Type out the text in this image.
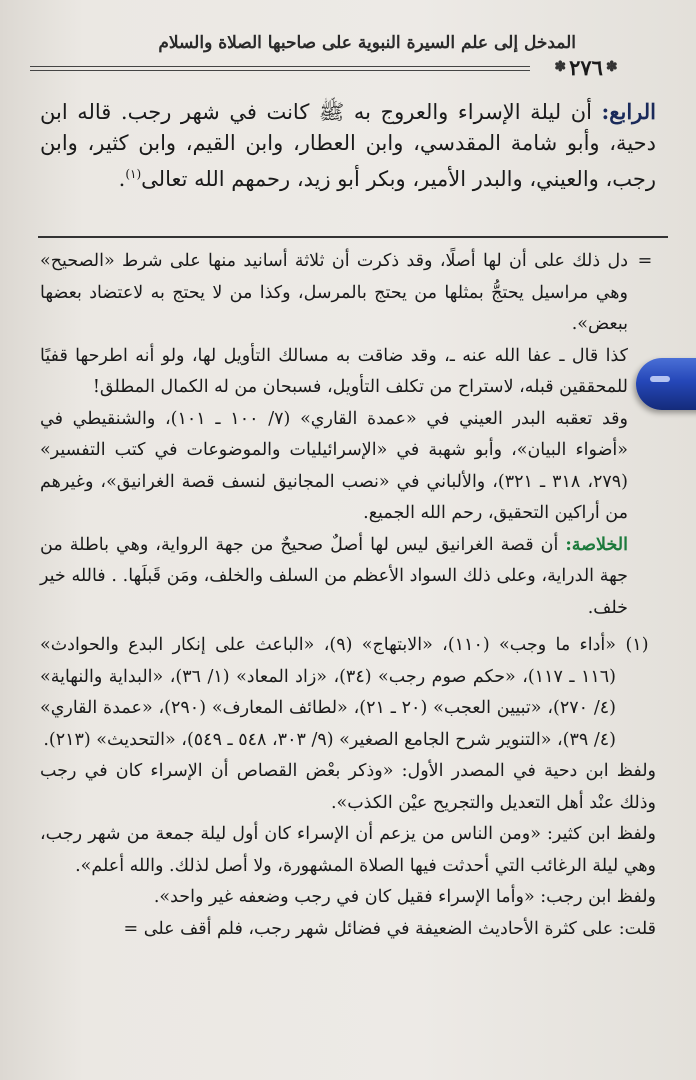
المدخل إلى علم السيرة النبوية على صاحبها الصلاة والسلام
✽
٢٧٦
✽
الرابع: أن ليلة الإسراء والعروج به ﷺ كانت في شهر رجب. قاله ابن دحية، وأبو شامة المقدسي، وابن العطار، وابن القيم، وابن كثير، وابن رجب، والعيني، والبدر الأمير، وبكر أبو زيد، رحمهم الله تعالى$^{(١)}$.

=
دل ذلك على أن لها أصلًا، وقد ذكرت أن ثلاثة أسانيد منها على شرط «الصحيح» وهي مراسيل يحتجُّ بمثلها من يحتج بالمرسل، وكذا من لا يحتج به لاعتضاد بعضها ببعض».

كذا قال ـ عفا الله عنه ـ، وقد ضاقت به مسالك التأويل لها، ولو أنه اطرحها قفيًا للمحققين قبله، لاستراح من تكلف التأويل، فسبحان من له الكمال المطلق!

وقد تعقبه البدر العيني في «عمدة القاري» (٧/ ١٠٠ ـ ١٠١)، والشنقيطي في «أضواء البيان»، وأبو شهبة في «الإسرائيليات والموضوعات في كتب التفسير» (٢٧٩، ٣١٨ ـ ٣٢١)، والألباني في «نصب المجانيق لنسف قصة الغرانيق»، وغيرهم من أراكين التحقيق، رحم الله الجميع.

الخلاصة: أن قصة الغرانيق ليس لها أصلٌ صحيحٌ من جهة الرواية، وهي باطلة من جهة الدراية، وعلى ذلك السواد الأعظم من السلف والخلف، ومَن قَبلَها. . فالله خير خلف.

(١)
«أداء ما وجب» (١١٠)، «الابتهاج» (٩)، «الباعث على إنكار البدع والحوادث» (١١٦ ـ ١١٧)، «حكم صوم رجب» (٣٤)، «زاد المعاد» (١/ ٣٦)، «البداية والنهاية» (٤/ ٢٧٠)، «تبيين العجب» (٢٠ ـ ٢١)، «لطائف المعارف» (٢٩٠)، «عمدة القاري» (٤/ ٣٩)، «التنوير شرح الجامع الصغير» (٩/ ٣٠٣، ٥٤٨ ـ ٥٤٩)، «التحديث» (٢١٣).

ولفظ ابن دحية في المصدر الأول: «وذكر بعْض القصاص أن الإسراء كان في رجب وذلك عنْد أهل التعديل والتجريح عيْن الكذب».

ولفظ ابن كثير: «ومن الناس من يزعم أن الإسراء كان أول ليلة جمعة من شهر رجب، وهي ليلة الرغائب التي أحدثت فيها الصلاة المشهورة، ولا أصل لذلك. والله أعلم».

ولفظ ابن رجب: «وأما الإسراء فقيل كان في رجب وضعفه غير واحد».

قلت: على كثرة الأحاديث الضعيفة في فضائل شهر رجب، فلم أقف على =
